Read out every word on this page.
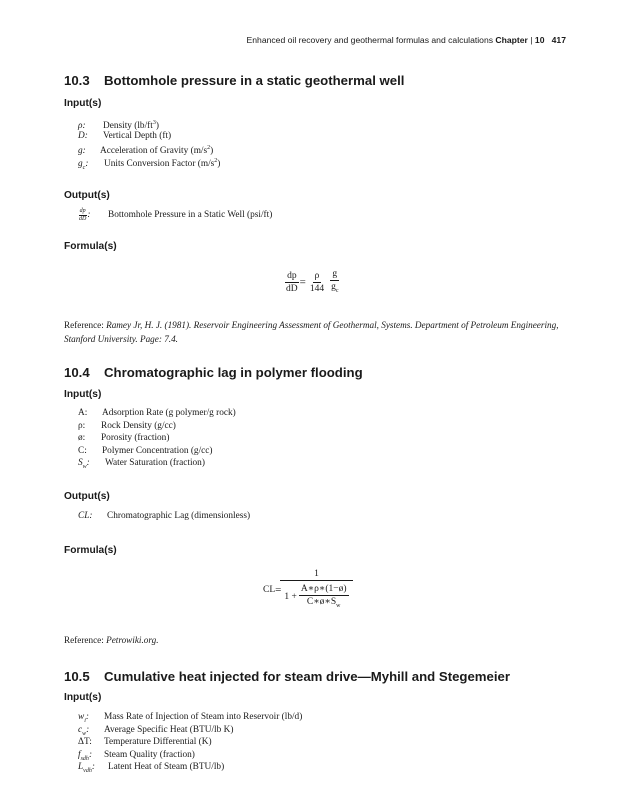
Enhanced oil recovery and geothermal formulas and calculations Chapter | 10 417
10.3 Bottomhole pressure in a static geothermal well
Input(s)
ρ: Density $(lb/ft^3)$
D: Vertical Depth (ft)
g: Acceleration of Gravity $(m/s^2)$
$g_c$: Units Conversion Factor $(m/s^2)$
Output(s)
$\frac{dp}{dD}$ : Bottomhole Pressure in a Static Well (psi/ft)
Formula(s)
$\frac{dp}{dD} = \frac{\rho}{144} \frac{g}{g_c}$
Reference: Ramey Jr, H. J. (1981). Reservoir Engineering Assessment of Geothermal, Systems. Department of Petroleum Engineering, Stanford University. Page: 7.4.
10.4 Chromatographic lag in polymer flooding
Input(s)
A: Adsorption Rate (g polymer/g rock)
ρ: Rock Density (g/cc)
ø: Porosity (fraction)
C: Polymer Concentration (g/cc)
$S_w$: Water Saturation (fraction)
Output(s)
CL: Chromatographic Lag (dimensionless)
Formula(s)
CL = $\frac{1}{1 + \frac{A∗\rho∗(1-ø)}{C∗ø∗S_w}}$
Reference: Petrowiki.org.
10.5 Cumulative heat injected for steam drive—Myhill and Stegemeier
Input(s)
$w_i$: Mass Rate of Injection of Steam into Reservoir (lb/d)
$c_w$: Average Specific Heat (BTU/lb K)
ΔT: Temperature Differential (K)
$f_{sdh}$: Steam Quality (fraction)
$L_{vdh}$: Latent Heat of Steam (BTU/lb)
